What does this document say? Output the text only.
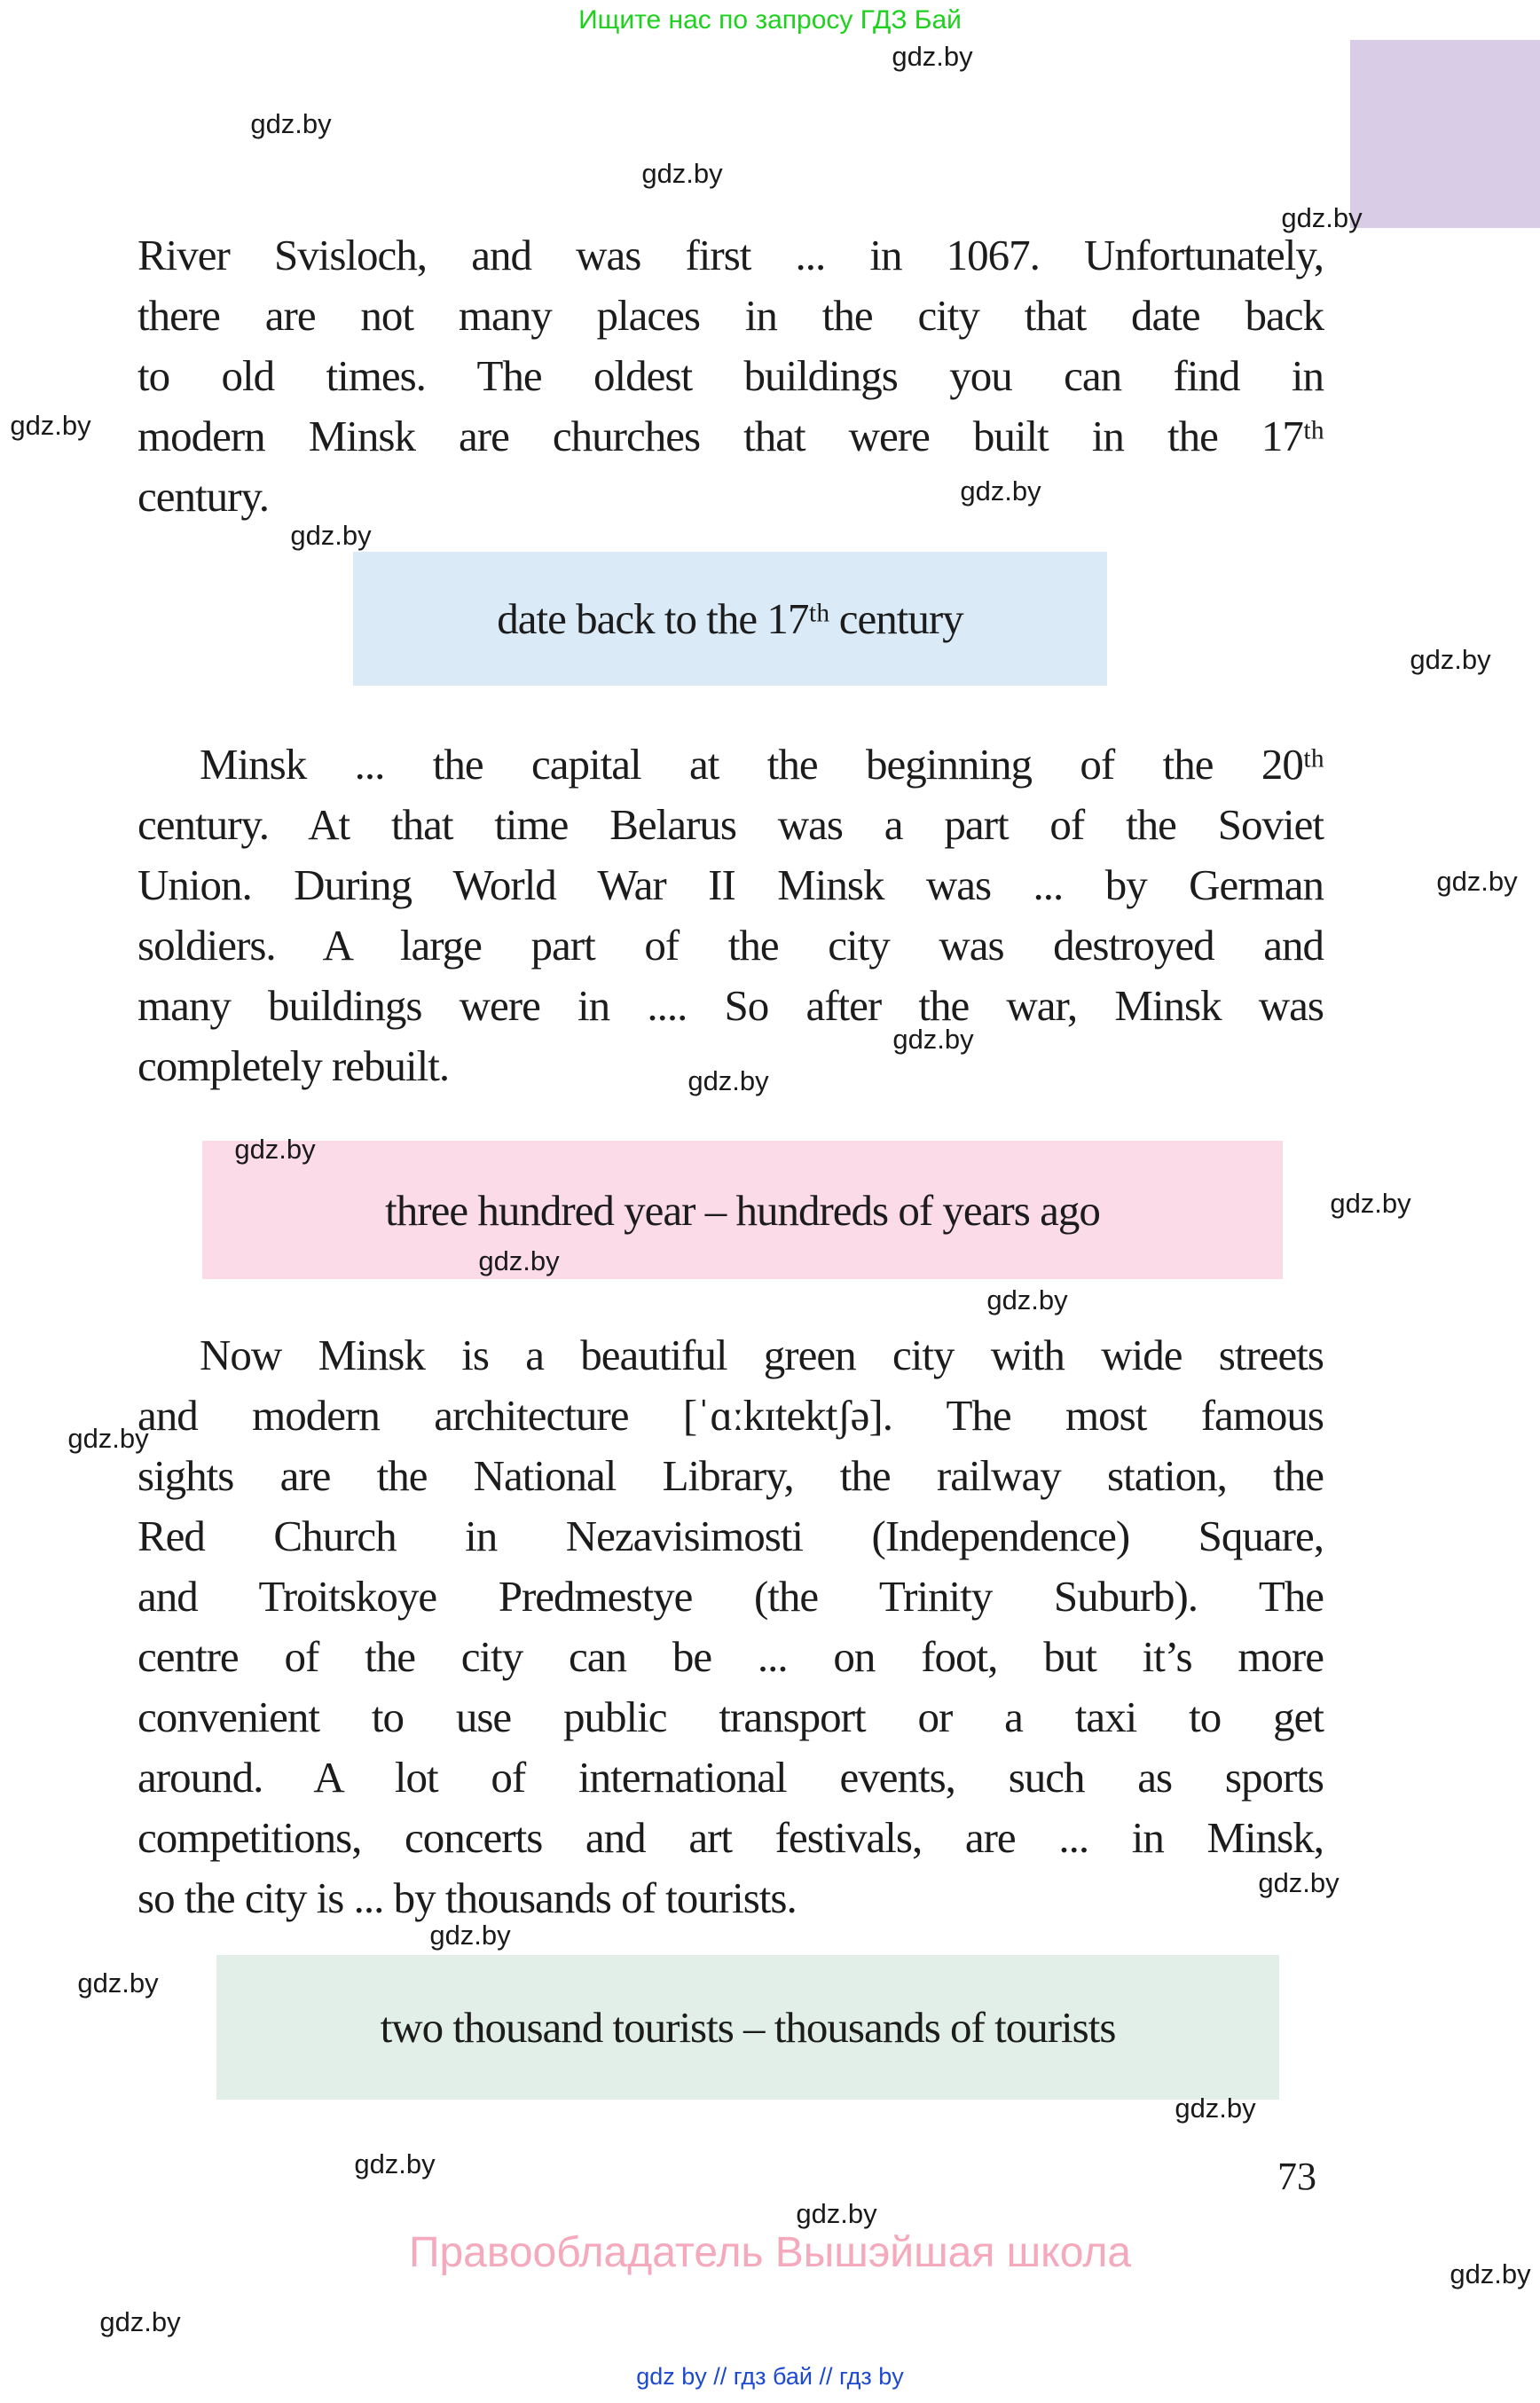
Ищите нас по запросу ГДЗ Бай
gdz.by
gdz.by
gdz.by
gdz.by
gdz.by
gdz.by
gdz.by
gdz.by
gdz.by
gdz.by
gdz.by
gdz.by
gdz.by
gdz.by
gdz.by
gdz.by
gdz.by
gdz.by
gdz.by
gdz.by
gdz.by
gdz.by
gdz.by
gdz.by
River Svisloch, and was first ... in 1067. Unfortunately,
there are not many places in the city that date back
to old times. The oldest buildings you can find in
modern Minsk are churches that were built in the 17ᵗʰ
century.
date back to the 17ᵗʰ century
Minsk ... the capital at the beginning of the 20ᵗʰ
century. At that time Belarus was a part of the Soviet
Union. During World War II Minsk was ... by German
soldiers. A large part of the city was destroyed and
many buildings were in .... So after the war, Minsk was
completely rebuilt.
three hundred year – hundreds of years ago
Now Minsk is a beautiful green city with wide streets
and modern architecture [ˈɑːkɪtektʃə]. The most famous
sights are the National Library, the railway station, the
Red Church in Nezavisimosti (Independence) Square,
and Troitskoye Predmestye (the Trinity Suburb). The
centre of the city can be ... on foot, but it’s more
convenient to use public transport or a taxi to get
around. A lot of international events, such as sports
competitions, concerts and art festivals, are ... in Minsk,
so the city is ... by thousands of tourists.
two thousand tourists – thousands of tourists
73
Правообладатель Вышэйшая школа
gdz by // гдз бай // гдз by
